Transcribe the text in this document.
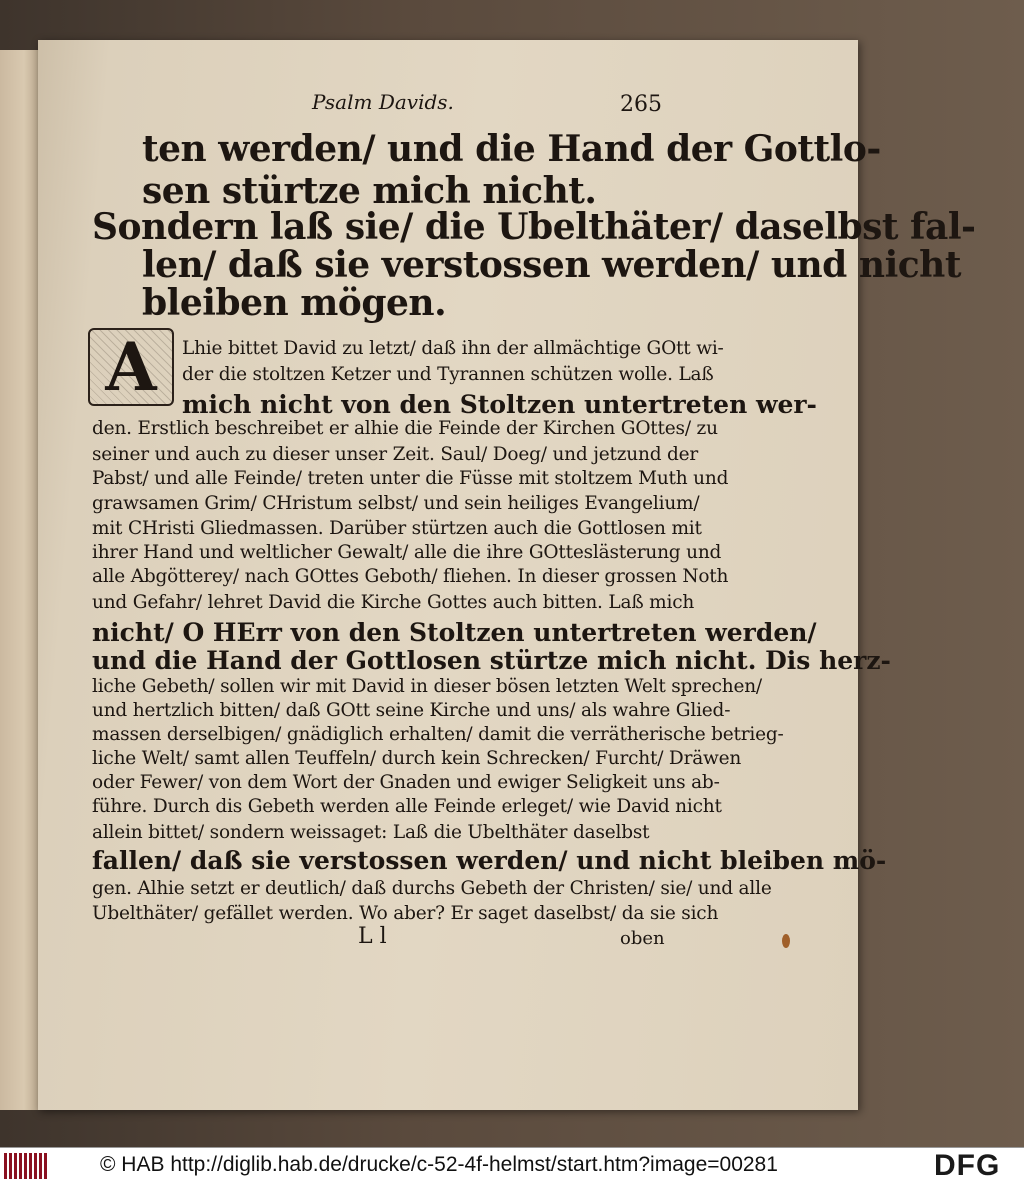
Psalm Davids.	265
ten werden/ und die Hand der Gottlo-
sen stürtze mich nicht.
Sondern laß sie/ die Ubelthäter/ daselbst fal-
len/ daß sie verstossen werden/ und nicht
bleiben mögen.
A	Lhie bittet David zu letzt/ daß ihn der allmächtige GOtt wi-
der die stoltzen Ketzer und Tyrannen schützen wolle. Laß
mich nicht von den Stoltzen untertreten wer-
den. Erstlich beschreibet er alhie die Feinde der Kirchen GOttes/ zu
seiner und auch zu dieser unser Zeit. Saul/ Doeg/ und jetzund der
Pabst/ und alle Feinde/ treten unter die Füsse mit stoltzem Muth und
grawsamen Grim/ CHristum selbst/ und sein heiliges Evangelium/
mit CHristi Gliedmassen. Darüber stürtzen auch die Gottlosen mit
ihrer Hand und weltlicher Gewalt/ alle die ihre GOtteslästerung und
alle Abgötterey/ nach GOttes Geboth/ fliehen. In dieser grossen Noth
und Gefahr/ lehret David die Kirche Gottes auch bitten. Laß mich
nicht/ O HErr von den Stoltzen untertreten werden/
und die Hand der Gottlosen stürtze mich nicht. Dis herz-
liche Gebeth/ sollen wir mit David in dieser bösen letzten Welt sprechen/
und hertzlich bitten/ daß GOtt seine Kirche und uns/ als wahre Glied-
massen derselbigen/ gnädiglich erhalten/ damit die verrätherische betrieg-
liche Welt/ samt allen Teuffeln/ durch kein Schrecken/ Furcht/ Dräwen
oder Fewer/ von dem Wort der Gnaden und ewiger Seligkeit uns ab-
führe. Durch dis Gebeth werden alle Feinde erleget/ wie David nicht
allein bittet/ sondern weissaget: Laß die Ubelthäter daselbst
fallen/ daß sie verstossen werden/ und nicht bleiben mö-
gen. Alhie setzt er deutlich/ daß durchs Gebeth der Christen/ sie/ und alle
Ubelthäter/ gefället werden. Wo aber? Er saget daselbst/ da sie sich
L l	oben
© HAB http://diglib.hab.de/drucke/c-52-4f-helmst/start.htm?image=00281	DFG
